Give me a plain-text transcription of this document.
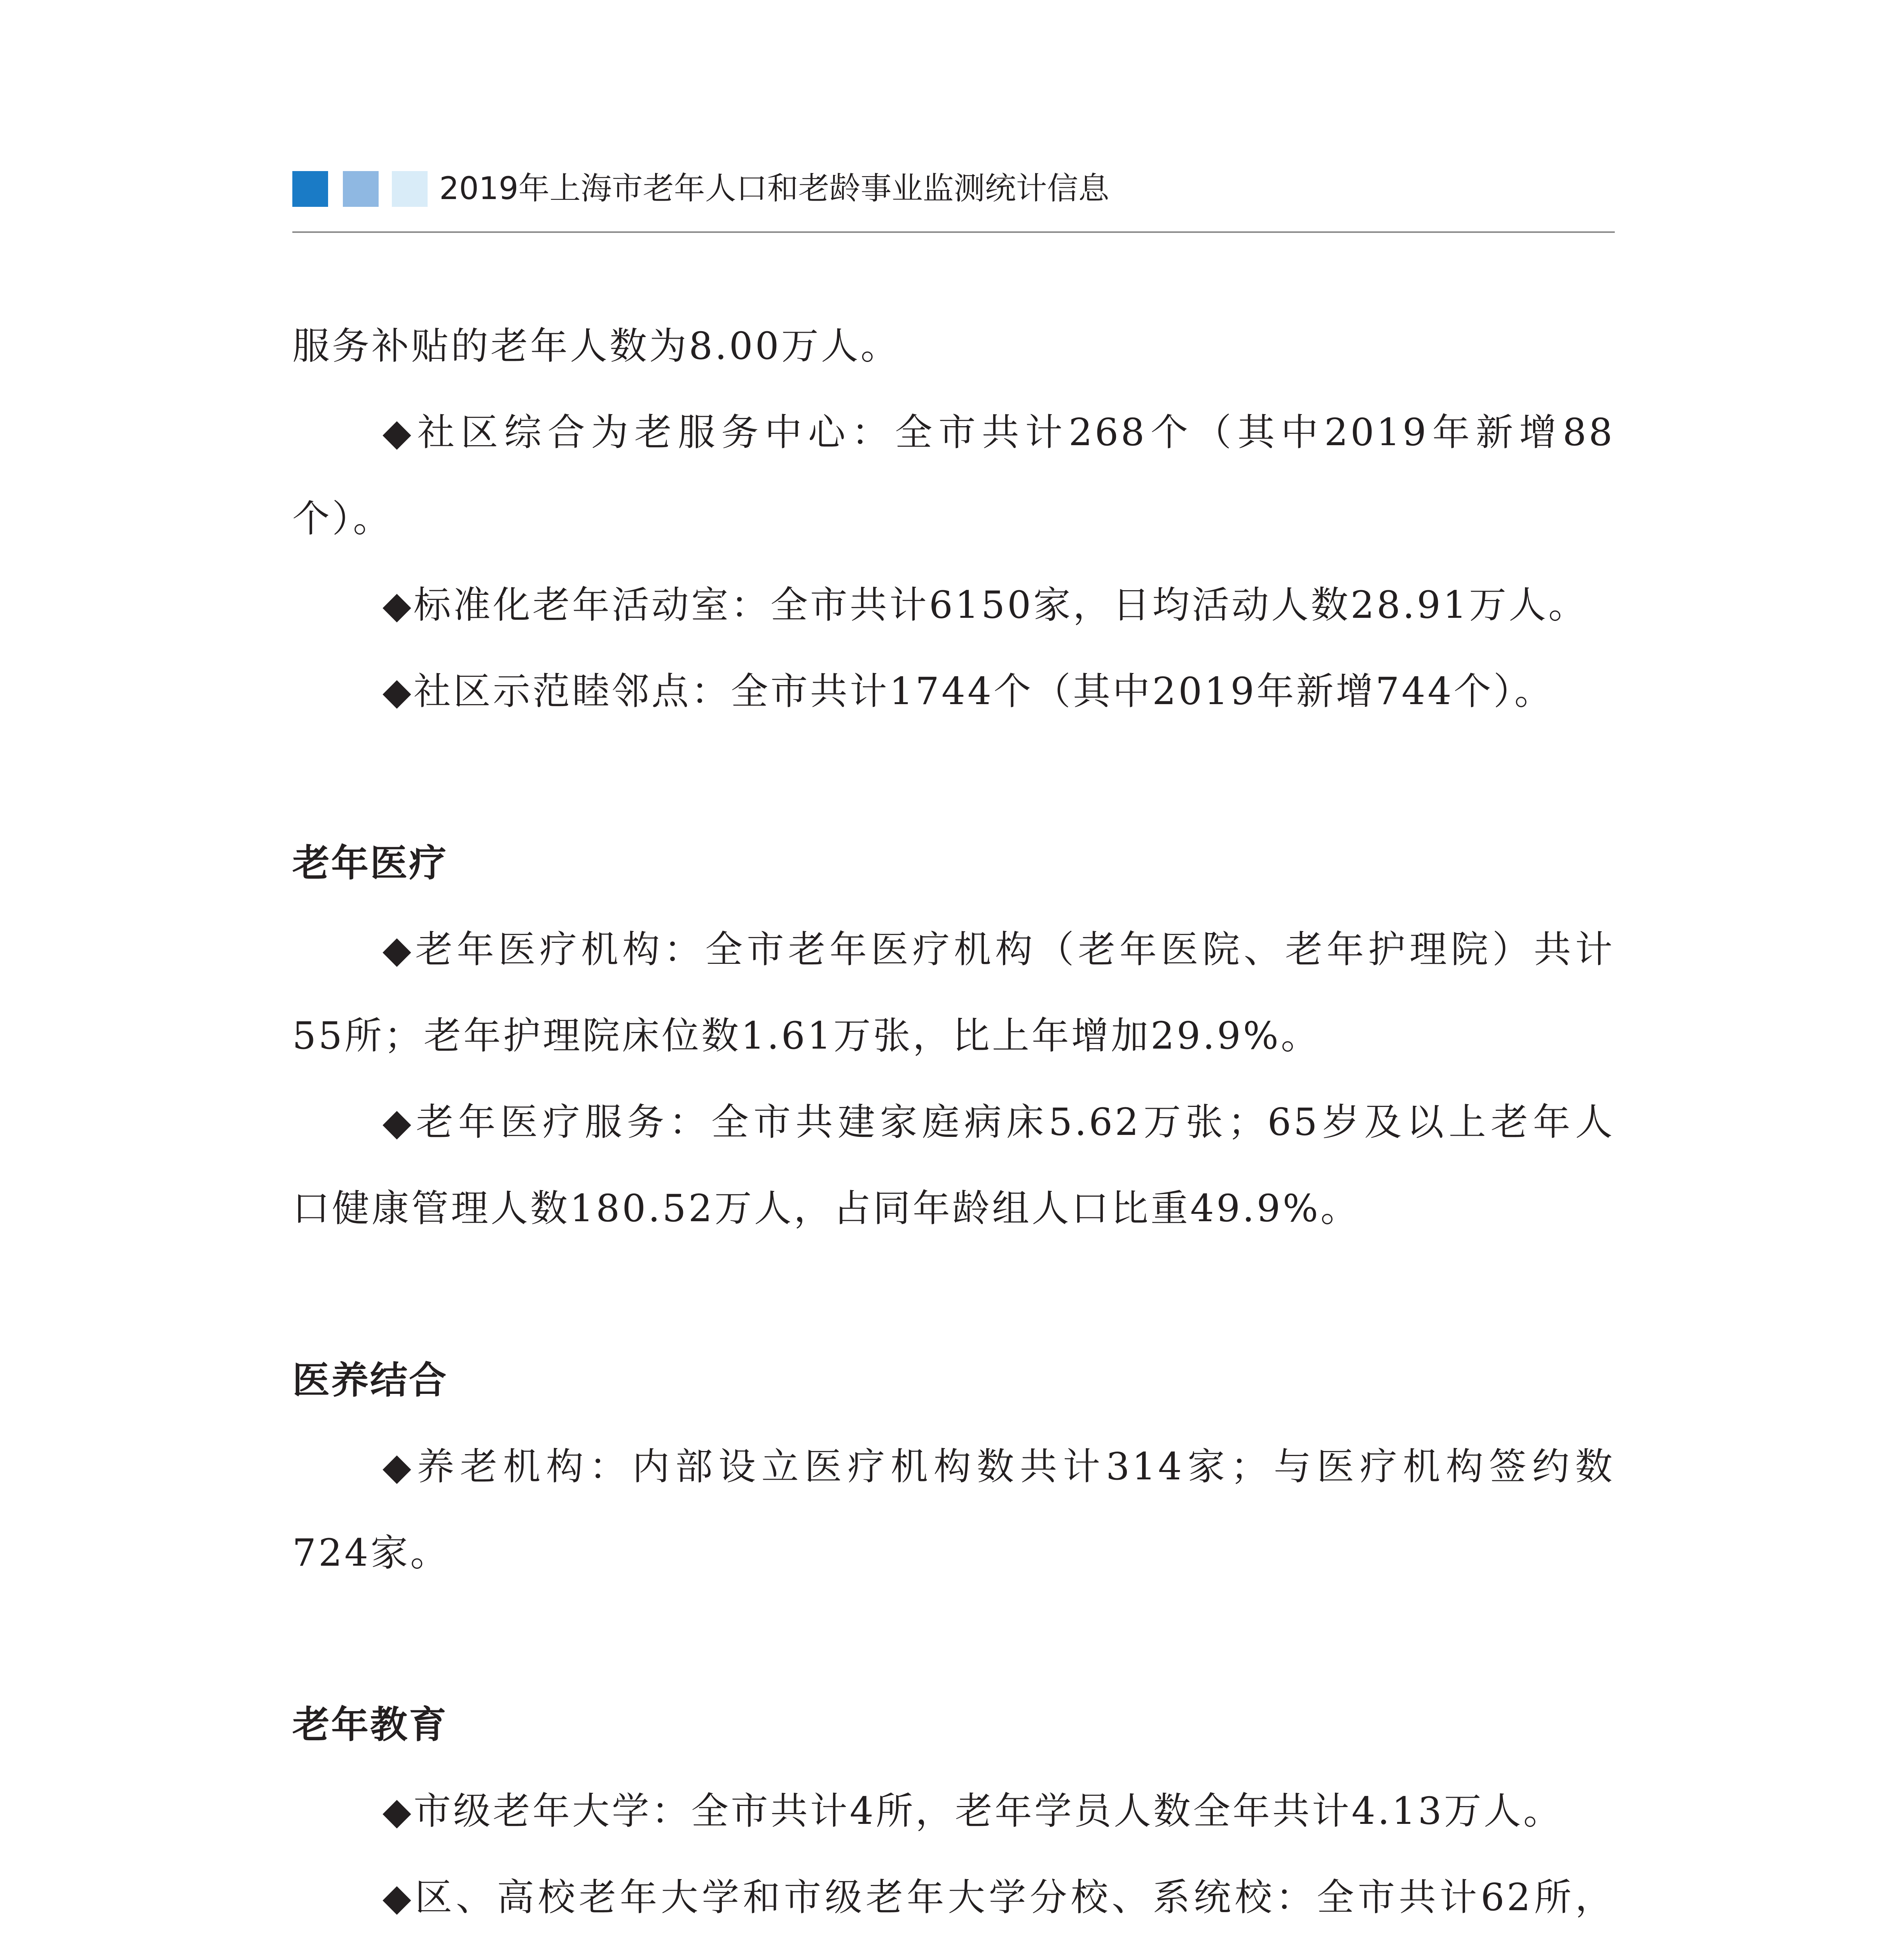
2019年上海市老年人口和老龄事业监测统计信息
服务补贴的老年人数为8.00万人。
◆社区综合为老服务中心：全市共计268个（其中2019年新增88
个）。
◆标准化老年活动室：全市共计6150家，日均活动人数28.91万人。
◆社区示范睦邻点：全市共计1744个（其中2019年新增744个）。
老年医疗
◆老年医疗机构：全市老年医疗机构（老年医院、老年护理院）共计
55所；老年护理院床位数1.61万张，比上年增加29.9%。
◆老年医疗服务：全市共建家庭病床5.62万张；65岁及以上老年人
口健康管理人数180.52万人，占同年龄组人口比重49.9%。
医养结合
◆养老机构：内部设立医疗机构数共计314家；与医疗机构签约数
724家。
老年教育
◆市级老年大学：全市共计4所，老年学员人数全年共计4.13万人。
◆区、高校老年大学和市级老年大学分校、系统校：全市共计62所，
